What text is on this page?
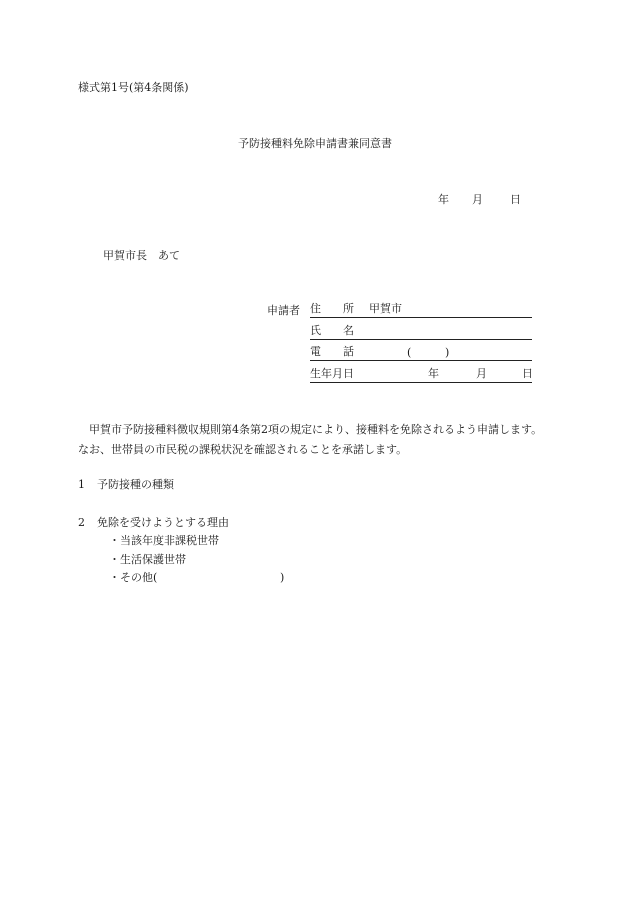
様式第1号(第4条関係)
予防接種料免除申請書兼同意書
年 月 日
甲賀市長　あて
申請者 住　　所 甲賀市
氏　　名
電　　話	(	)
生年月日	年	月	日
甲賀市予防接種料徴収規則第4条第2項の規定により、接種料を免除されるよう申請します。なお、世帯員の市民税の課税状況を確認されることを承諾します。
1 予防接種の種類
2 免除を受けようとする理由
・当該年度非課税世帯
・生活保護世帯
・その他(	)
